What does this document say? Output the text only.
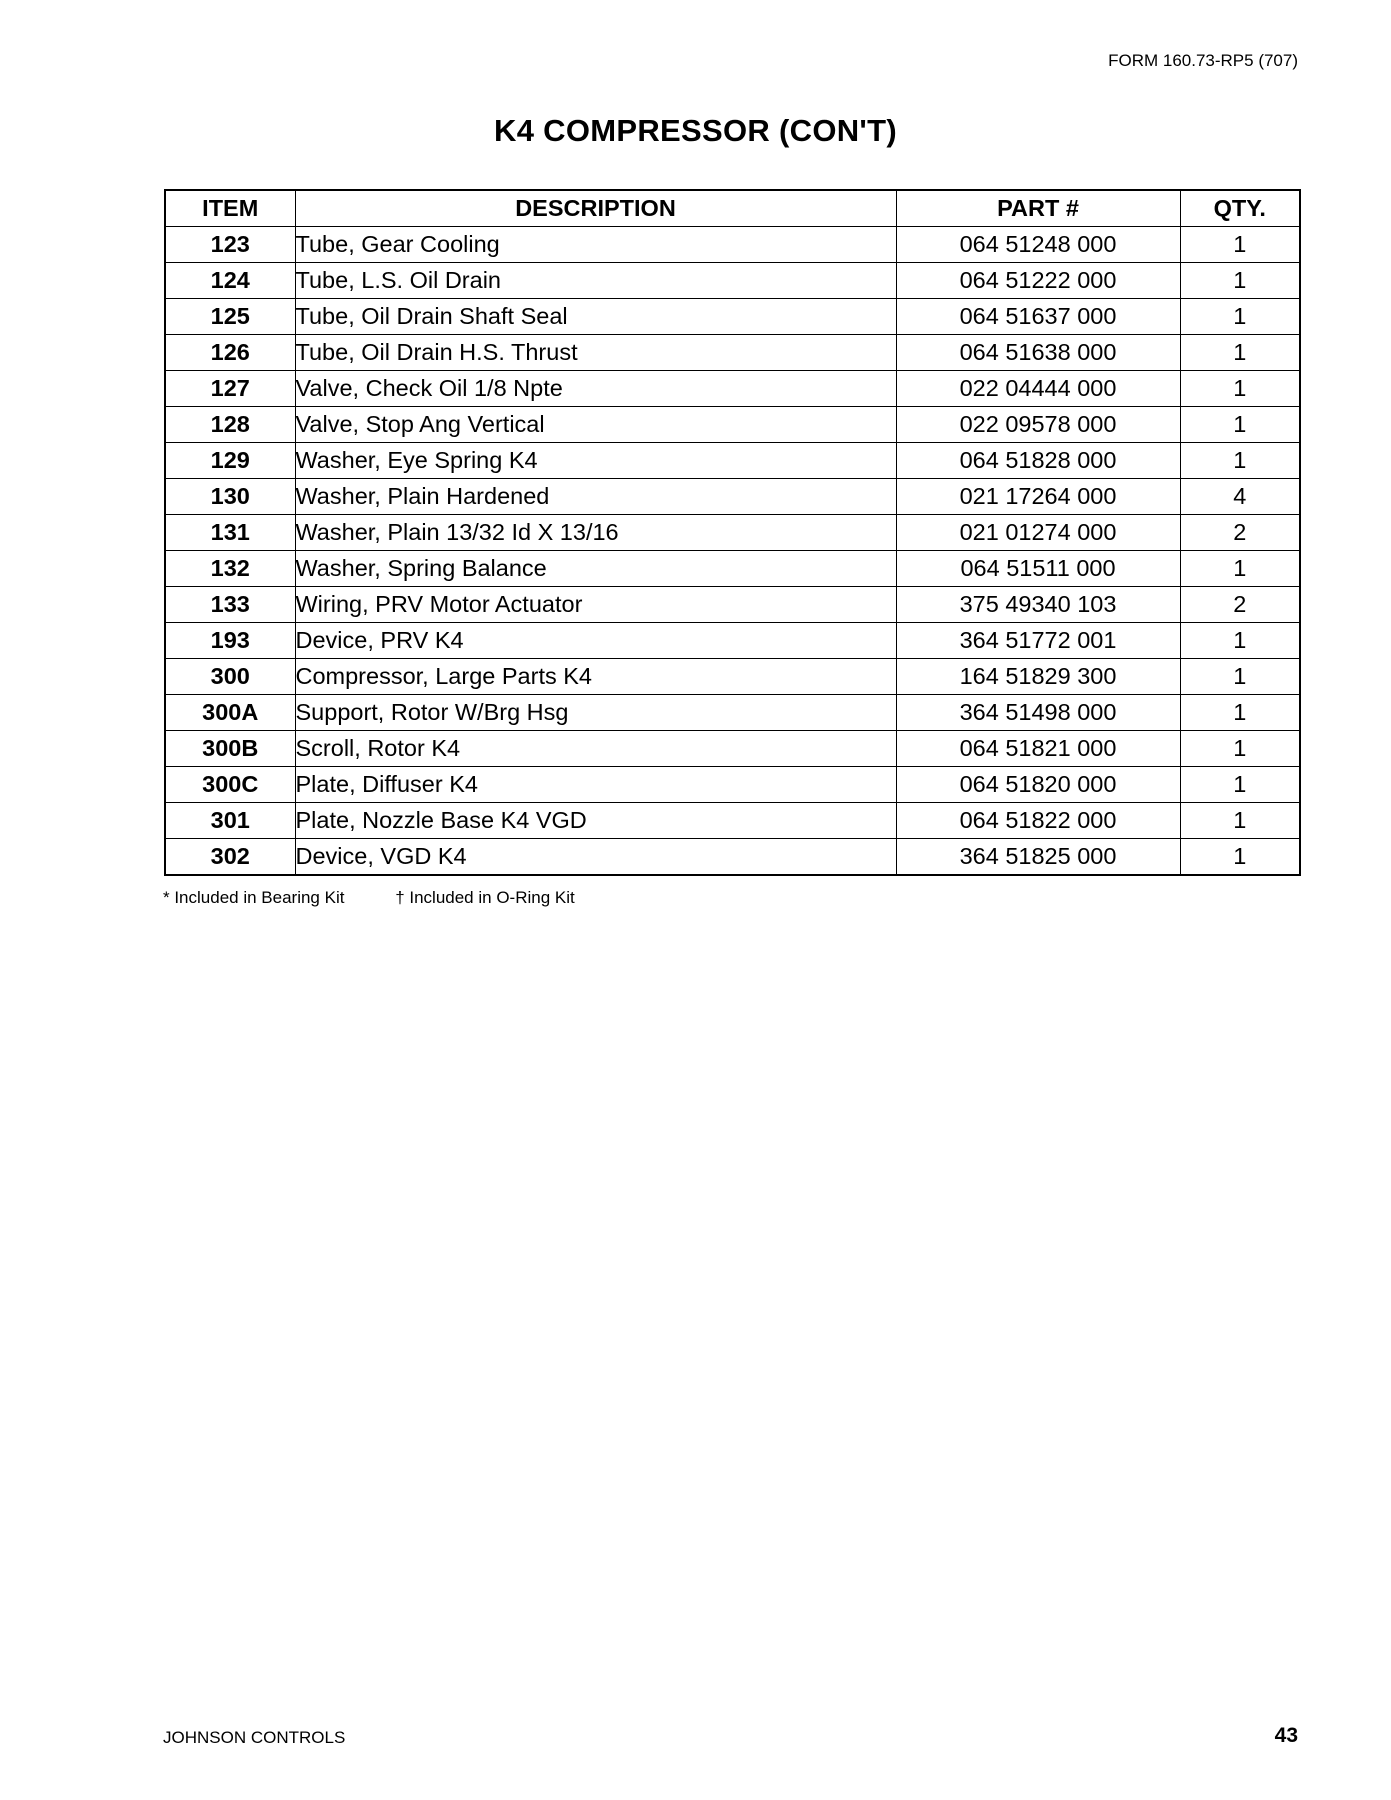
FORM 160.73-RP5 (707)
K4 COMPRESSOR (CON'T)
ITEM	DESCRIPTION	PART #	QTY.
123	Tube, Gear Cooling	064 51248 000	1
124	Tube, L.S. Oil Drain	064 51222 000	1
125	Tube, Oil Drain Shaft Seal	064 51637 000	1
126	Tube, Oil Drain H.S. Thrust	064 51638 000	1
127	Valve, Check Oil 1/8 Npte	022 04444 000	1
128	Valve, Stop Ang Vertical	022 09578 000	1
129	Washer, Eye Spring K4	064 51828 000	1
130	Washer, Plain Hardened	021 17264 000	4
131	Washer, Plain 13/32 Id X 13/16	021 01274 000	2
132	Washer, Spring Balance	064 51511 000	1
133	Wiring, PRV Motor Actuator	375 49340 103	2
193	Device, PRV K4	364 51772 001	1
300	Compressor, Large Parts K4	164 51829 300	1
300A	Support, Rotor W/Brg Hsg	364 51498 000	1
300B	Scroll, Rotor K4	064 51821 000	1
300C	Plate, Diffuser K4	064 51820 000	1
301	Plate, Nozzle Base K4 VGD	064 51822 000	1
302	Device, VGD K4	364 51825 000	1
* Included in Bearing Kit	† Included in O-Ring Kit
JOHNSON CONTROLS	43
